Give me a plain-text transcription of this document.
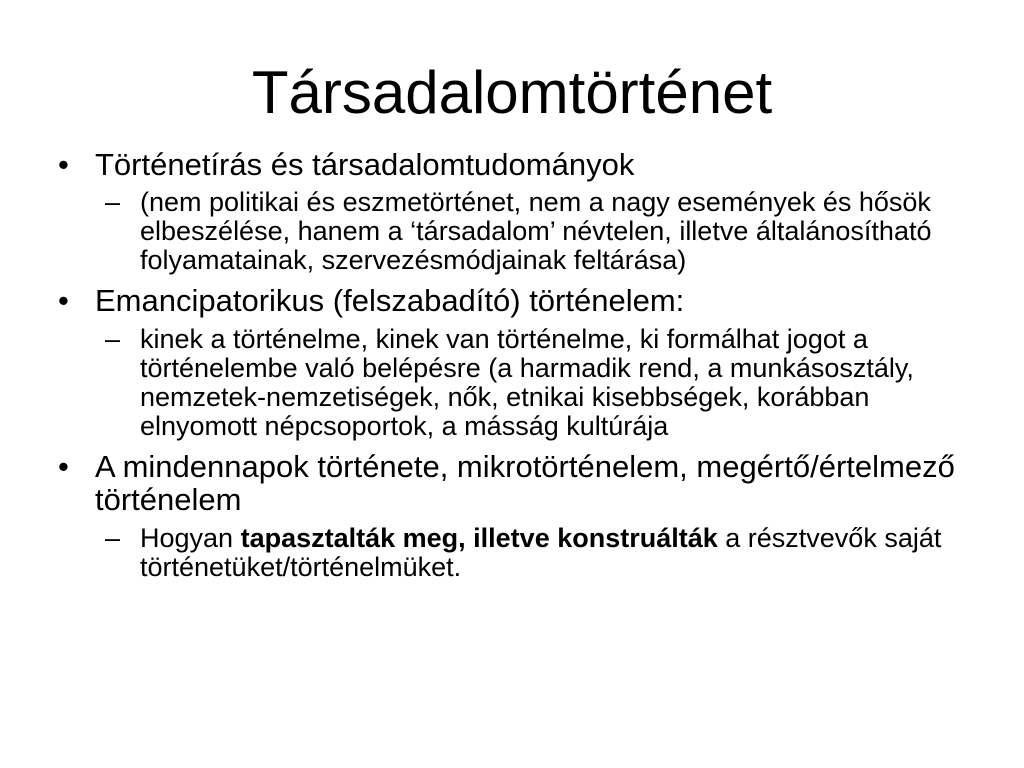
Társadalomtörténet
• Történetírás és társadalomtudományok
– (nem politikai és eszmetörténet, nem a nagy események és hősök elbeszélése, hanem a ‘társadalom’ névtelen, illetve általánosítható folyamatainak, szervezésmódjainak feltárása)
• Emancipatorikus (felszabadító) történelem:
– kinek a történelme, kinek van történelme, ki formálhat jogot a történelembe való belépésre (a harmadik rend, a munkásosztály, nemzetek-nemzetiségek, nők, etnikai kisebbségek, korábban elnyomott népcsoportok, a másság kultúrája
• A mindennapok története, mikrotörténelem, megértő/értelmező történelem
– Hogyan tapasztalták meg, illetve konstruálták a résztvevők saját történetüket/történelmüket.
